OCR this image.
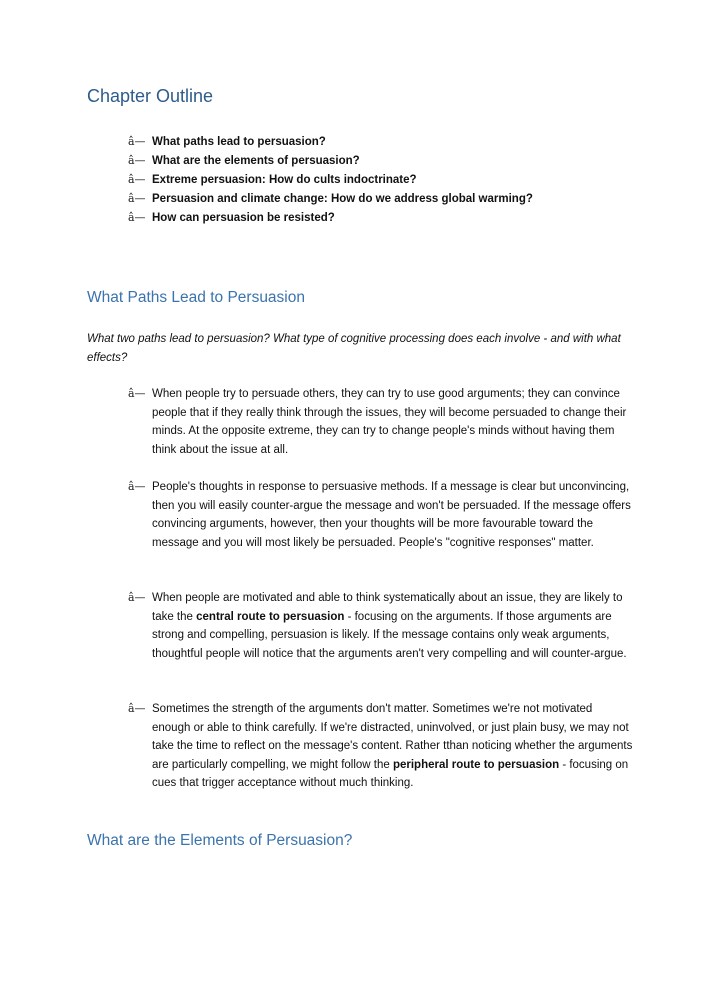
Chapter Outline
â— What paths lead to persuasion?
â— What are the elements of persuasion?
â— Extreme persuasion: How do cults indoctrinate?
â— Persuasion and climate change: How do we address global warming?
â— How can persuasion be resisted?
What Paths Lead to Persuasion

What two paths lead to persuasion? What type of cognitive processing does each involve - and with what effects?

â— When people try to persuade others, they can try to use good arguments; they can convince people that if they really think through the issues, they will become persuaded to change their minds. At the opposite extreme, they can try to change people's minds without having them think about the issue at all.

â— People's thoughts in response to persuasive methods. If a message is clear but unconvincing, then you will easily counter-argue the message and won't be persuaded. If the message offers convincing arguments, however, then your thoughts will be more favourable toward the message and you will most likely be persuaded. People's "cognitive responses" matter.

â— When people are motivated and able to think systematically about an issue, they are likely to take the central route to persuasion - focusing on the arguments. If those arguments are strong and compelling, persuasion is likely. If the message contains only weak arguments, thoughtful people will notice that the arguments aren't very compelling and will counter-argue.

â— Sometimes the strength of the arguments don't matter. Sometimes we're not motivated enough or able to think carefully. If we're distracted, uninvolved, or just plain busy, we may not take the time to reflect on the message's content. Rather tthan noticing whether the arguments are particularly compelling, we might follow the peripheral route to persuasion - focusing on cues that trigger acceptance without much thinking.

What are the Elements of Persuasion?
